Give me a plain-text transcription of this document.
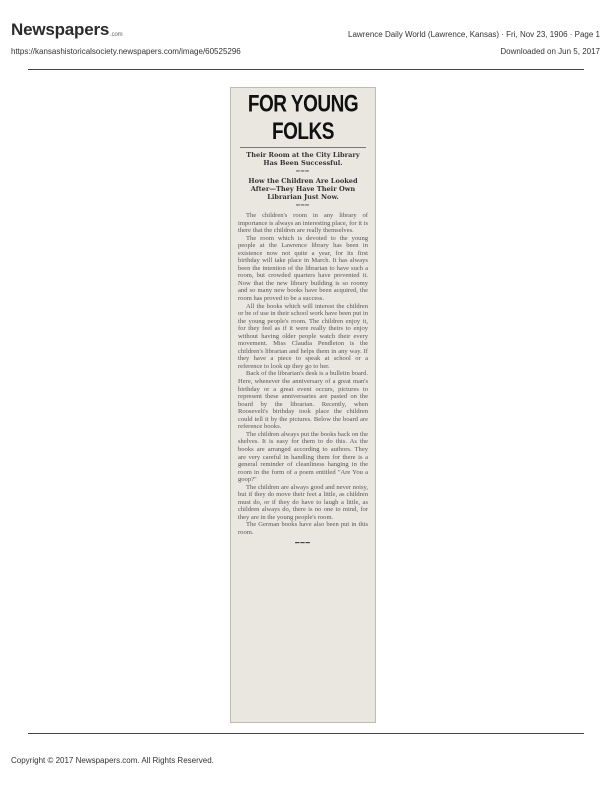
Newspapers.com	Lawrence Daily World (Lawrence, Kansas) · Fri, Nov 23, 1906 · Page 1
https://kansashistoricalsociety.newspapers.com/image/60525296	Downloaded on Jun 5, 2017
FOR YOUNG FOLKS
Their Room at the City Library Has Been Successful.
━━━
How the Children Are Looked After—They Have Their Own Librarian Just Now.
━━━

The children's room in any library of importance is always an interesting place, for it is there that the children are really themselves.

The room which is devoted to the young people at the Lawrence library has been in existence now not quite a year, for its first birthday will take place in March. It has always been the intention of the librarian to have such a room, but crowded quarters have prevented it. Now that the new library building is so roomy and so many new books have been acquired, the room has proved to be a success.

All the books which will interest the children or be of use in their school work have been put in the young people's room. The children enjoy it, for they feel as if it were really theirs to enjoy without having older people watch their every movement. Miss Claudia Pendleton is the children's librarian and helps them in any way. If they have a piece to speak at school or a reference to look up they go to her.

Back of the librarian's desk is a bulletin board. Here, whenever the anniversary of a great man's birthday or a great event occurs, pictures to represent these anniversaries are pasted on the board by the librarian. Recently, when Roosevelt's birthday took place the children could tell it by the pictures. Below the board are reference books.

The children always put the books back on the shelves. It is easy for them to do this. As the books are arranged according to authors. They are very careful in handling them for there is a general reminder of cleanliness hanging in the room in the form of a poem entitled "Are You a goop?"

The children are always good and never noisy, but if they do move their feet a little, as children must do, or if they do have to laugh a little, as children always do, there is no one to mind, for they are in the young people's room.

The German books have also been put in this room.

━━━
Copyright © 2017 Newspapers.com. All Rights Reserved.
